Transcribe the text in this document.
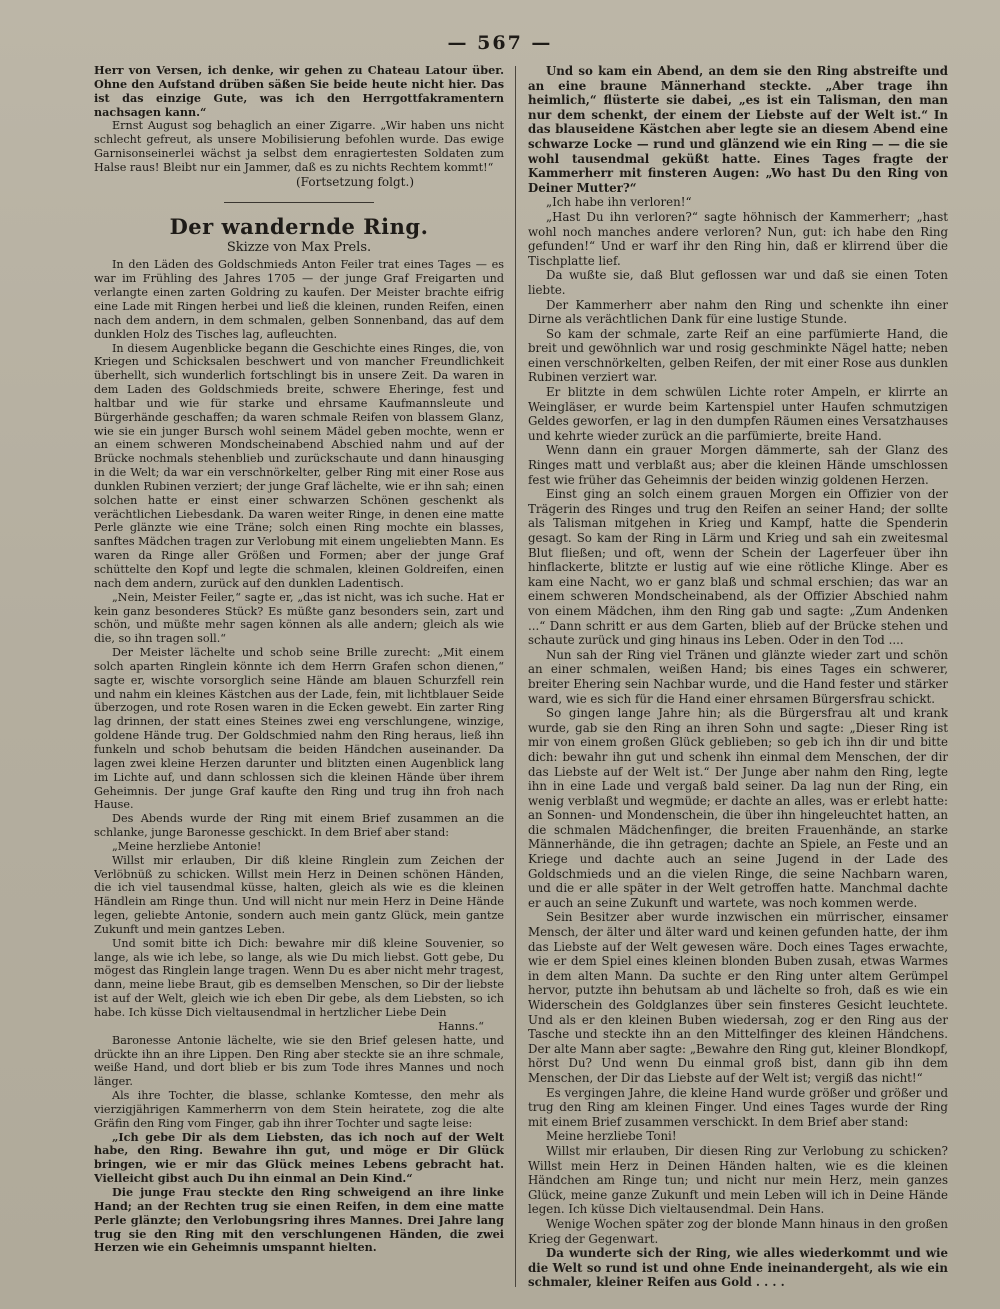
— 567 —

Herr von Versen, ich denke, wir gehen zu Chateau Latour über. Ohne den Aufstand drüben säßen Sie beide heute nicht hier. Das ist das einzige Gute, was ich den Herrgottfakramentern nachsagen kann.“

Ernst August sog behaglich an einer Zigarre. „Wir haben uns nicht schlecht gefreut, als unsere Mobilisierung befohlen wurde. Das ewige Garnisonseinerlei wächst ja selbst dem enragiertesten Soldaten zum Halse raus! Bleibt nur ein Jammer, daß es zu nichts Rechtem kommt!“

(Fortsetzung folgt.)

Der wandernde Ring.

Skizze von Max Prels.

In den Läden des Goldschmieds Anton Feiler trat eines Tages — es war im Frühling des Jahres 1705 — der junge Graf Freigarten und verlangte einen zarten Goldring zu kaufen. Der Meister brachte eifrig eine Lade mit Ringen herbei und ließ die kleinen, runden Reifen, einen nach dem andern, in dem schmalen, gelben Sonnenband, das auf dem dunklen Holz des Tisches lag, aufleuchten.

In diesem Augenblicke begann die Geschichte eines Ringes, die, von Kriegen und Schicksalen beschwert und von mancher Freundlichkeit überhellt, sich wunderlich fortschlingt bis in unsere Zeit. Da waren in dem Laden des Goldschmieds breite, schwere Eheringe, fest und haltbar und wie für starke und ehrsame Kaufmannsleute und Bürgerhände geschaffen; da waren schmale Reifen von blassem Glanz, wie sie ein junger Bursch wohl seinem Mädel geben mochte, wenn er an einem schweren Mondscheinabend Abschied nahm und auf der Brücke nochmals stehenblieb und zurückschaute und dann hinausging in die Welt; da war ein verschnörkelter, gelber Ring mit einer Rose aus dunklen Rubinen verziert; der junge Graf lächelte, wie er ihn sah; einen solchen hatte er einst einer schwarzen Schönen geschenkt als verächtlichen Liebesdank. Da waren weiter Ringe, in denen eine matte Perle glänzte wie eine Träne; solch einen Ring mochte ein blasses, sanftes Mädchen tragen zur Verlobung mit einem ungeliebten Mann. Es waren da Ringe aller Größen und Formen; aber der junge Graf schüttelte den Kopf und legte die schmalen, kleinen Goldreifen, einen nach dem andern, zurück auf den dunklen Ladentisch.

„Nein, Meister Feiler,“ sagte er, „das ist nicht, was ich suche. Hat er kein ganz besonderes Stück? Es müßte ganz besonders sein, zart und schön, und müßte mehr sagen können als alle andern; gleich als wie die, so ihn tragen soll.“

Der Meister lächelte und schob seine Brille zurecht: „Mit einem solch aparten Ringlein könnte ich dem Herrn Grafen schon dienen,“ sagte er, wischte vorsorglich seine Hände am blauen Schurzfell rein und nahm ein kleines Kästchen aus der Lade, fein, mit lichtblauer Seide überzogen, und rote Rosen waren in die Ecken gewebt. Ein zarter Ring lag drinnen, der statt eines Steines zwei eng verschlungene, winzige, goldene Hände trug. Der Goldschmied nahm den Ring heraus, ließ ihn funkeln und schob behutsam die beiden Händchen auseinander. Da lagen zwei kleine Herzen darunter und blitzten einen Augenblick lang im Lichte auf, und dann schlossen sich die kleinen Hände über ihrem Geheimnis. Der junge Graf kaufte den Ring und trug ihn froh nach Hause.

Des Abends wurde der Ring mit einem Brief zusammen an die schlanke, junge Baronesse geschickt. In dem Brief aber stand:

„Meine herzliebe Antonie!

Willst mir erlauben, Dir diß kleine Ringlein zum Zeichen der Verlöbnüß zu schicken. Willst mein Herz in Deinen schönen Händen, die ich viel tausendmal küsse, halten, gleich als wie es die kleinen Händlein am Ringe thun. Und will nicht nur mein Herz in Deine Hände legen, geliebte Antonie, sondern auch mein gantz Glück, mein gantze Zukunft und mein gantzes Leben.

Und somit bitte ich Dich: bewahre mir diß kleine Souvenier, so lange, als wie ich lebe, so lange, als wie Du mich liebst. Gott gebe, Du mögest das Ringlein lange tragen. Wenn Du es aber nicht mehr tragest, dann, meine liebe Braut, gib es demselben Menschen, so Dir der liebste ist auf der Welt, gleich wie ich eben Dir gebe, als dem Liebsten, so ich habe. Ich küsse Dich vieltausendmal in hertzlicher Liebe Dein

Hanns.“

Baronesse Antonie lächelte, wie sie den Brief gelesen hatte, und drückte ihn an ihre Lippen. Den Ring aber steckte sie an ihre schmale, weiße Hand, und dort blieb er bis zum Tode ihres Mannes und noch länger.

Als ihre Tochter, die blasse, schlanke Komtesse, den mehr als vierzigjährigen Kammerherrn von dem Stein heiratete, zog die alte Gräfin den Ring vom Finger, gab ihn ihrer Tochter und sagte leise:

„Ich gebe Dir als dem Liebsten, das ich noch auf der Welt habe, den Ring. Bewahre ihn gut, und möge er Dir Glück bringen, wie er mir das Glück meines Lebens gebracht hat. Vielleicht gibst auch Du ihn einmal an Dein Kind.“

Die junge Frau steckte den Ring schweigend an ihre linke Hand; an der Rechten trug sie einen Reifen, in dem eine matte Perle glänzte; den Verlobungsring ihres Mannes. Drei Jahre lang trug sie den Ring mit den verschlungenen Händen, die zwei Herzen wie ein Geheimnis umspannt hielten.

Und so kam ein Abend, an dem sie den Ring abstreifte und an eine braune Männerhand steckte. „Aber trage ihn heimlich,“ flüsterte sie dabei, „es ist ein Talisman, den man nur dem schenkt, der einem der Liebste auf der Welt ist.“ In das blauseidene Kästchen aber legte sie an diesem Abend eine schwarze Locke — rund und glänzend wie ein Ring — — die sie wohl tausendmal geküßt hatte. Eines Tages fragte der Kammerherr mit finsteren Augen: „Wo hast Du den Ring von Deiner Mutter?“

„Ich habe ihn verloren!“

„Hast Du ihn verloren?“ sagte höhnisch der Kammerherr; „hast wohl noch manches andere verloren? Nun, gut: ich habe den Ring gefunden!“ Und er warf ihr den Ring hin, daß er klirrend über die Tischplatte lief.

Da wußte sie, daß Blut geflossen war und daß sie einen Toten liebte.

Der Kammerherr aber nahm den Ring und schenkte ihn einer Dirne als verächtlichen Dank für eine lustige Stunde.

So kam der schmale, zarte Reif an eine parfümierte Hand, die breit und gewöhnlich war und rosig geschminkte Nägel hatte; neben einen verschnörkelten, gelben Reifen, der mit einer Rose aus dunklen Rubinen verziert war.

Er blitzte in dem schwülen Lichte roter Ampeln, er klirrte an Weingläser, er wurde beim Kartenspiel unter Haufen schmutzigen Geldes geworfen, er lag in den dumpfen Räumen eines Versatzhauses und kehrte wieder zurück an die parfümierte, breite Hand.

Wenn dann ein grauer Morgen dämmerte, sah der Glanz des Ringes matt und verblaßt aus; aber die kleinen Hände umschlossen fest wie früher das Geheimnis der beiden winzig goldenen Herzen.

Einst ging an solch einem grauen Morgen ein Offizier von der Trägerin des Ringes und trug den Reifen an seiner Hand; der sollte als Talisman mitgehen in Krieg und Kampf, hatte die Spenderin gesagt. So kam der Ring in Lärm und Krieg und sah ein zweitesmal Blut fließen; und oft, wenn der Schein der Lagerfeuer über ihn hinflackerte, blitzte er lustig auf wie eine rötliche Klinge. Aber es kam eine Nacht, wo er ganz blaß und schmal erschien; das war an einem schweren Mondscheinabend, als der Offizier Abschied nahm von einem Mädchen, ihm den Ring gab und sagte: „Zum Andenken ...“ Dann schritt er aus dem Garten, blieb auf der Brücke stehen und schaute zurück und ging hinaus ins Leben. Oder in den Tod ....

Nun sah der Ring viel Tränen und glänzte wieder zart und schön an einer schmalen, weißen Hand; bis eines Tages ein schwerer, breiter Ehering sein Nachbar wurde, und die Hand fester und stärker ward, wie es sich für die Hand einer ehrsamen Bürgersfrau schickt.

So gingen lange Jahre hin; als die Bürgersfrau alt und krank wurde, gab sie den Ring an ihren Sohn und sagte: „Dieser Ring ist mir von einem großen Glück geblieben; so geb ich ihn dir und bitte dich: bewahr ihn gut und schenk ihn einmal dem Menschen, der dir das Liebste auf der Welt ist.“ Der Junge aber nahm den Ring, legte ihn in eine Lade und vergaß bald seiner. Da lag nun der Ring, ein wenig verblaßt und wegmüde; er dachte an alles, was er erlebt hatte: an Sonnen- und Mondenschein, die über ihn hingeleuchtet hatten, an die schmalen Mädchenfinger, die breiten Frauenhände, an starke Männerhände, die ihn getragen; dachte an Spiele, an Feste und an Kriege und dachte auch an seine Jugend in der Lade des Goldschmieds und an die vielen Ringe, die seine Nachbarn waren, und die er alle später in der Welt getroffen hatte. Manchmal dachte er auch an seine Zukunft und wartete, was noch kommen werde.

Sein Besitzer aber wurde inzwischen ein mürrischer, einsamer Mensch, der älter und älter ward und keinen gefunden hatte, der ihm das Liebste auf der Welt gewesen wäre. Doch eines Tages erwachte, wie er dem Spiel eines kleinen blonden Buben zusah, etwas Warmes in dem alten Mann. Da suchte er den Ring unter altem Gerümpel hervor, putzte ihn behutsam ab und lächelte so froh, daß es wie ein Widerschein des Goldglanzes über sein finsteres Gesicht leuchtete. Und als er den kleinen Buben wiedersah, zog er den Ring aus der Tasche und steckte ihn an den Mittelfinger des kleinen Händchens. Der alte Mann aber sagte: „Bewahre den Ring gut, kleiner Blondkopf, hörst Du? Und wenn Du einmal groß bist, dann gib ihn dem Menschen, der Dir das Liebste auf der Welt ist; vergiß das nicht!“

Es vergingen Jahre, die kleine Hand wurde größer und größer und trug den Ring am kleinen Finger. Und eines Tages wurde der Ring mit einem Brief zusammen verschickt. In dem Brief aber stand:

Meine herzliebe Toni!

Willst mir erlauben, Dir diesen Ring zur Verlobung zu schicken? Willst mein Herz in Deinen Händen halten, wie es die kleinen Händchen am Ringe tun; und nicht nur mein Herz, mein ganzes Glück, meine ganze Zukunft und mein Leben will ich in Deine Hände legen. Ich küsse Dich vieltausendmal. Dein Hans.

Wenige Wochen später zog der blonde Mann hinaus in den großen Krieg der Gegenwart.

Da wunderte sich der Ring, wie alles wiederkommt und wie die Welt so rund ist und ohne Ende ineinandergeht, als wie ein schmaler, kleiner Reifen aus Gold . . . .
